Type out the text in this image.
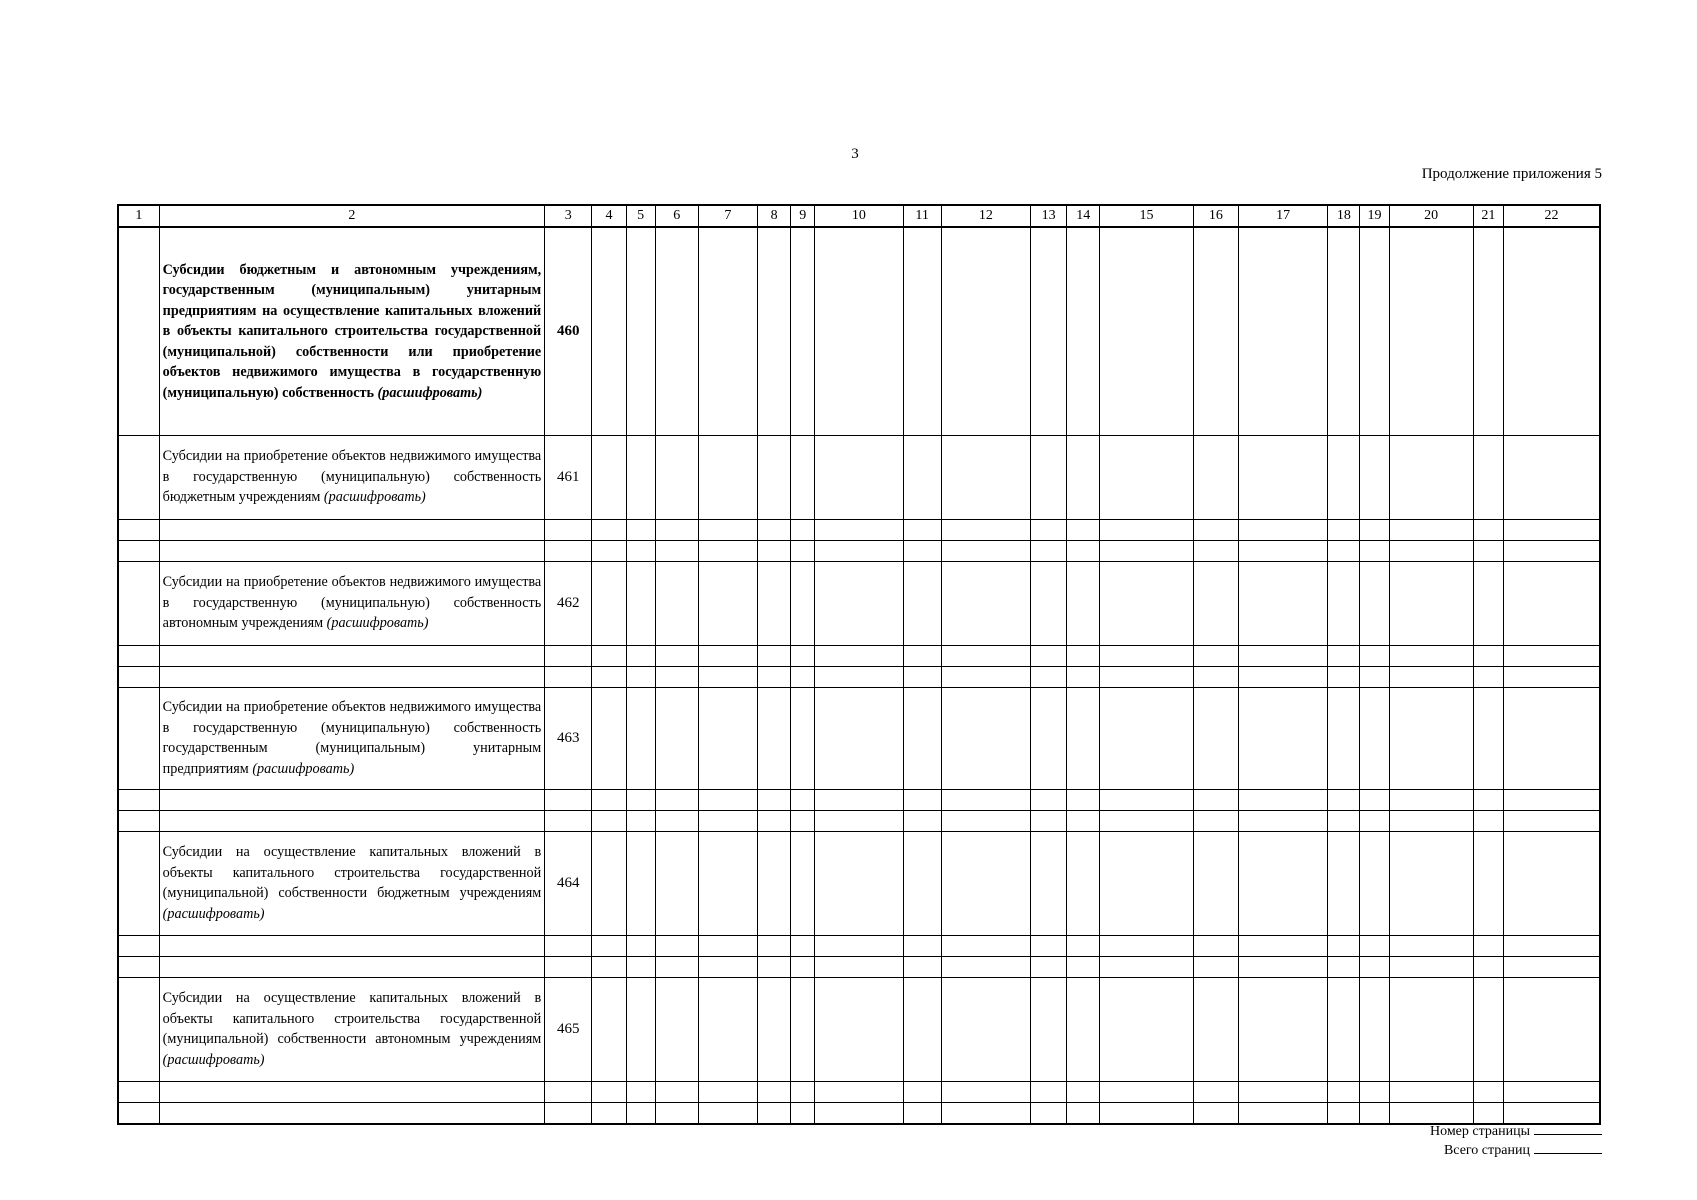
3
Продолжение приложения 5
1	2	3	4	5	6	7	8	9	10	11	12	13	14	15	16	17	18	19	20	21	22
	Субсидии бюджетным и автономным учреждениям, государственным (муниципальным) унитарным предприятиям на осуществление капитальных вложений в объекты капитального строительства государственной (муниципальной) собственности или приобретение объектов недвижимого имущества в государственную (муниципальную) собственность (расшифровать)	460																			
	Субсидии на приобретение объектов недвижимого имущества в государственную (муниципальную) собственность бюджетным учреждениям (расшифровать)	461																			

	Субсидии на приобретение объектов недвижимого имущества в государственную (муниципальную) собственность автономным учреждениям (расшифровать)	462																			

	Субсидии на приобретение объектов недвижимого имущества в государственную (муниципальную) собственность государственным (муниципальным) унитарным предприятиям (расшифровать)	463																			

	Субсидии на осуществление капитальных вложений в объекты капитального строительства государственной (муниципальной) собственности бюджетным учреждениям (расшифровать)	464																			

	Субсидии на осуществление капитальных вложений в объекты капитального строительства государственной (муниципальной) собственности автономным учреждениям (расшифровать)	465																			

Номер страницы
Всего страниц
